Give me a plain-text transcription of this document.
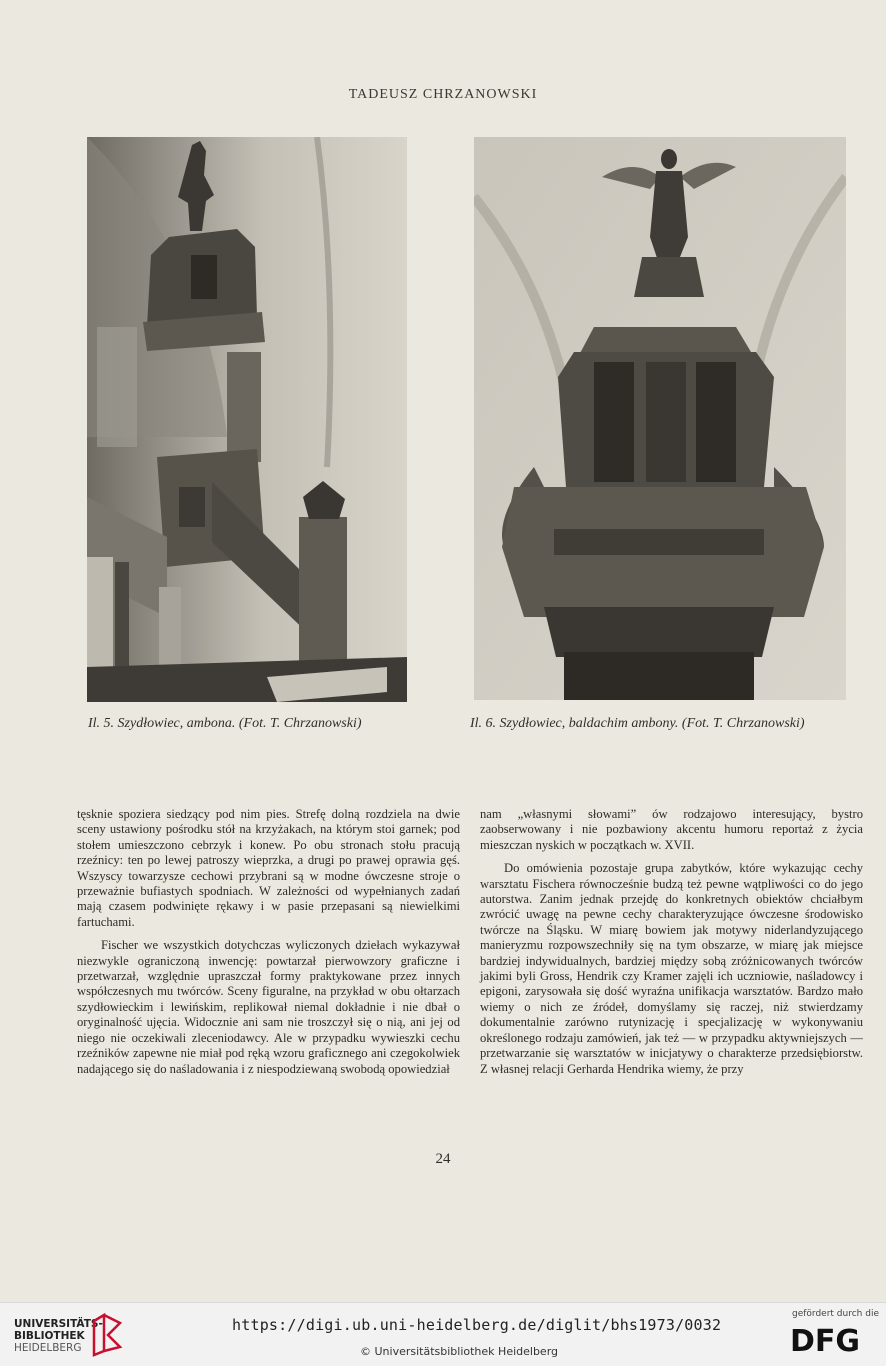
TADEUSZ CHRZANOWSKI
Il. 5. Szydłowiec, ambona. (Fot. T. Chrzanowski)	Il. 6. Szydłowiec, baldachim ambony. (Fot. T. Chrzanowski)

tęsknie spoziera siedzący pod nim pies. Strefę dolną rozdziela na dwie sceny ustawiony pośrodku stół na krzyżakach, na którym stoi garnek; pod stołem umieszczono cebrzyk i konew. Po obu stronach stołu pracują rzeźnicy: ten po lewej patroszy wieprzka, a drugi po prawej oprawia gęś. Wszyscy towarzysze cechowi przybrani są w modne ówczesne stroje o przeważnie bufiastych spodniach. W zależności od wypełnianych zadań mają czasem podwinięte rękawy i w pasie przepasani są niewielkimi fartuchami.

Fischer we wszystkich dotychczas wyliczonych dziełach wykazywał niezwykle ograniczoną inwencję: powtarzał pierwowzory graficzne i przetwarzał, względnie upraszczał formy praktykowane przez innych współczesnych mu twórców. Sceny figuralne, na przykład w obu ołtarzach szydłowieckim i lewińskim, replikował niemal dokładnie i nie dbał o oryginalność ujęcia. Widocznie ani sam nie troszczył się o nią, ani jej od niego nie oczekiwali zleceniodawcy. Ale w przypadku wywieszki cechu rzeźników zapewne nie miał pod ręką wzoru graficznego ani czegokolwiek nadającego się do naśladowania i z niespodziewaną swobodą opowiedział

nam „własnymi słowami” ów rodzajowo interesujący, bystro zaobserwowany i nie pozbawiony akcentu humoru reportaż z życia mieszczan nyskich w początkach w. XVII.

Do omówienia pozostaje grupa zabytków, które wykazując cechy warsztatu Fischera równocześnie budzą też pewne wątpliwości co do jego autorstwa. Zanim jednak przejdę do konkretnych obiektów chciałbym zwrócić uwagę na pewne cechy charakteryzujące ówczesne środowisko twórcze na Śląsku. W miarę bowiem jak motywy niderlandyzującego manieryzmu rozpowszechniły się na tym obszarze, w miarę jak miejsce bardziej indywidualnych, bardziej między sobą zróżnicowanych twórców jakimi byli Gross, Hendrik czy Kramer zajęli ich uczniowie, naśladowcy i epigoni, zarysowała się dość wyraźna unifikacja warsztatów. Bardzo mało wiemy o nich ze źródeł, domyślamy się raczej, niż stwierdzamy dokumentalnie zarówno rutynizację i specjalizację w wykonywaniu określonego rodzaju zamówień, jak też — w przypadku aktywniejszych — przetwarzanie się warsztatów w inicjatywy o charakterze przedsiębiorstw. Z własnej relacji Gerharda Hendrika wiemy, że przy

24
UNIVERSITÄTS-
BIBLIOTHEK
HEIDELBERG
https://digi.ub.uni-heidelberg.de/diglit/bhs1973/0032
© Universitätsbibliothek Heidelberg
gefördert durch die
DFG
